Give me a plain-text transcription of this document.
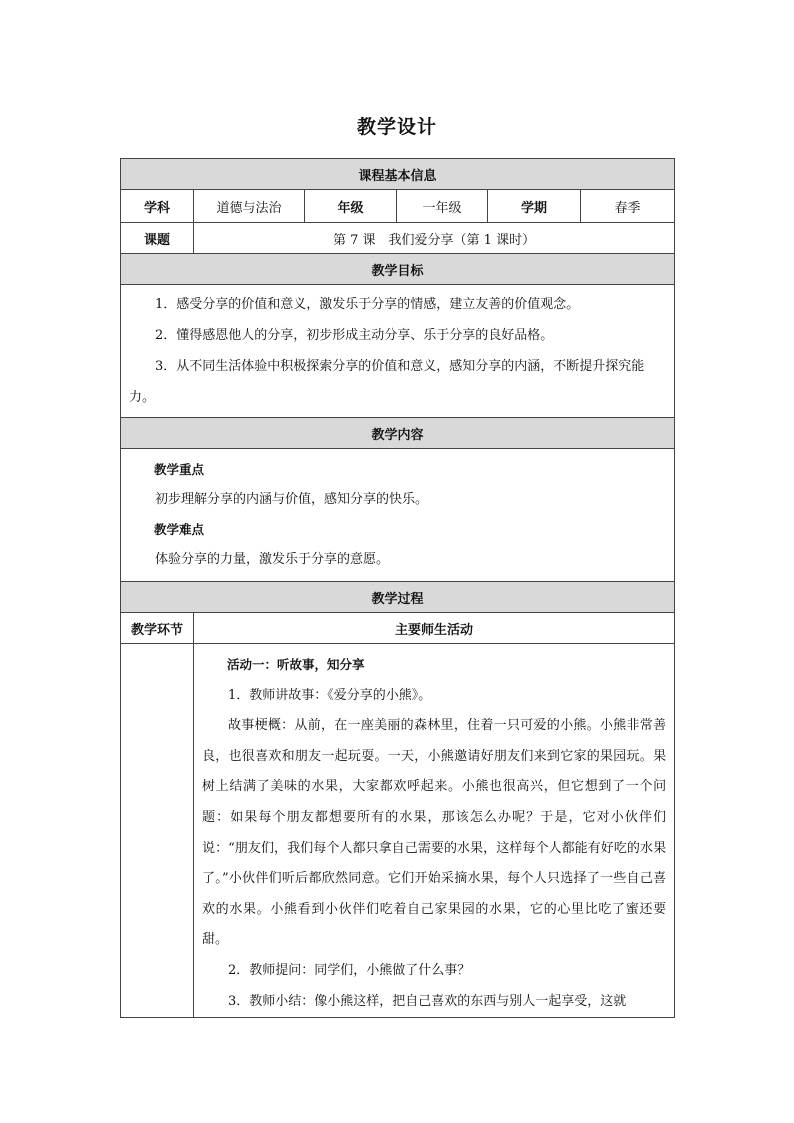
教学设计
课程基本信息					
学科	道德与法治	年级	一年级	学期	春季
课题	第 7 课　我们爱分享（第 1 课时）				
教学目标					

1．感受分享的价值和意义，激发乐于分享的情感，建立友善的价值观念。

2．懂得感恩他人的分享，初步形成主动分享、乐于分享的良好品格。

3．从不同生活体验中积极探索分享的价值和意义，感知分享的内涵，不断提升探究能力。					

教学内容					

教学重点

初步理解分享的内涵与价值，感知分享的快乐。

教学难点

体验分享的力量，激发乐于分享的意愿。					

教学过程					
教学环节	主要师生活动				

	活动一：听故事，知分享

1．教师讲故事：《爱分享的小熊》。

故事梗概：从前，在一座美丽的森林里，住着一只可爱的小熊。小熊非常善良，也很喜欢和朋友一起玩耍。一天，小熊邀请好朋友们来到它家的果园玩。果树上结满了美味的水果，大家都欢呼起来。小熊也很高兴，但它想到了一个问题：如果每个朋友都想要所有的水果，那该怎么办呢？于是，它对小伙伴们说：“朋友们，我们每个人都只拿自己需要的水果，这样每个人都能有好吃的水果了。”小伙伴们听后都欣然同意。它们开始采摘水果，每个人只选择了一些自己喜欢的水果。小熊看到小伙伴们吃着自己家果园的水果，它的心里比吃了蜜还要甜。

2．教师提问：同学们，小熊做了什么事？

3．教师小结：像小熊这样，把自己喜欢的东西与别人一起享受，这就				
